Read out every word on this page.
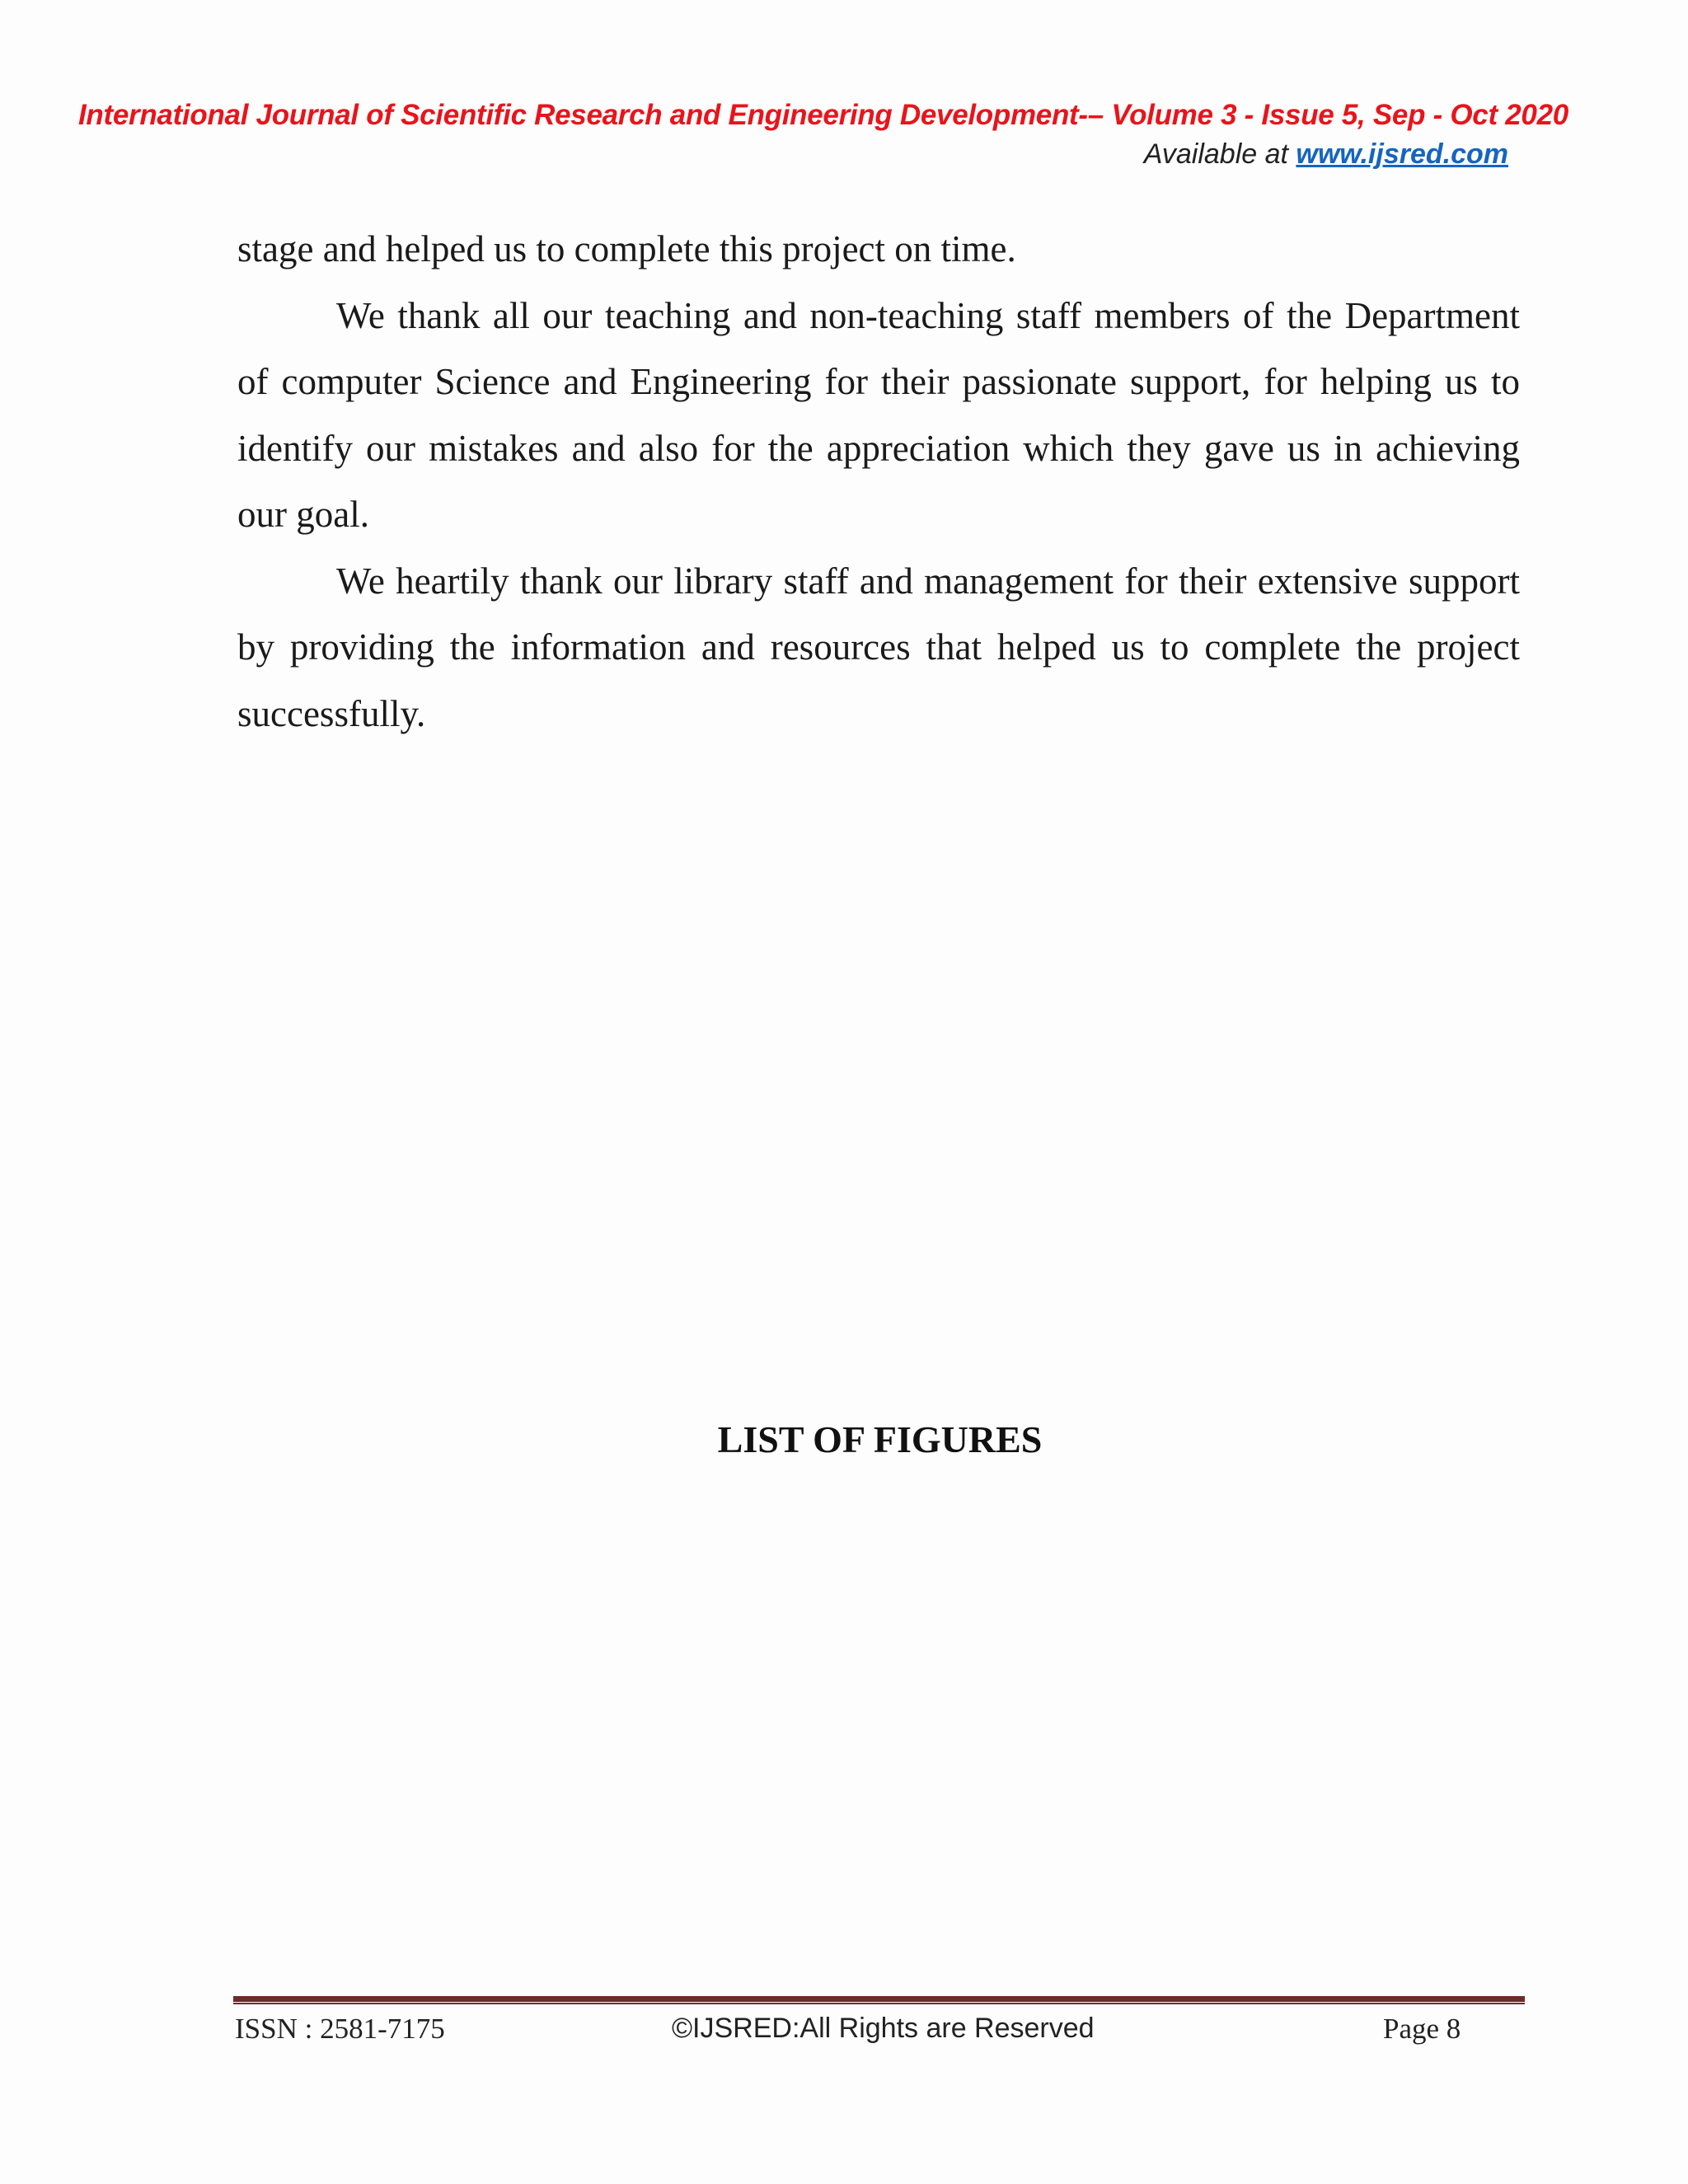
International Journal of Scientific Research and Engineering Development-– Volume 3 - Issue 5, Sep - Oct 2020
Available at www.ijsred.com

stage and helped us to complete this project on time.

We thank all our teaching and non-teaching staff members of the Department of computer Science and Engineering for their passionate support, for helping us to identify our mistakes and also for the appreciation which they gave us in achieving our goal.

We heartily thank our library staff and management for their extensive support by providing the information and resources that helped us to complete the project successfully.

LIST OF FIGURES
ISSN : 2581-7175	©IJSRED:All Rights are Reserved	Page 8
